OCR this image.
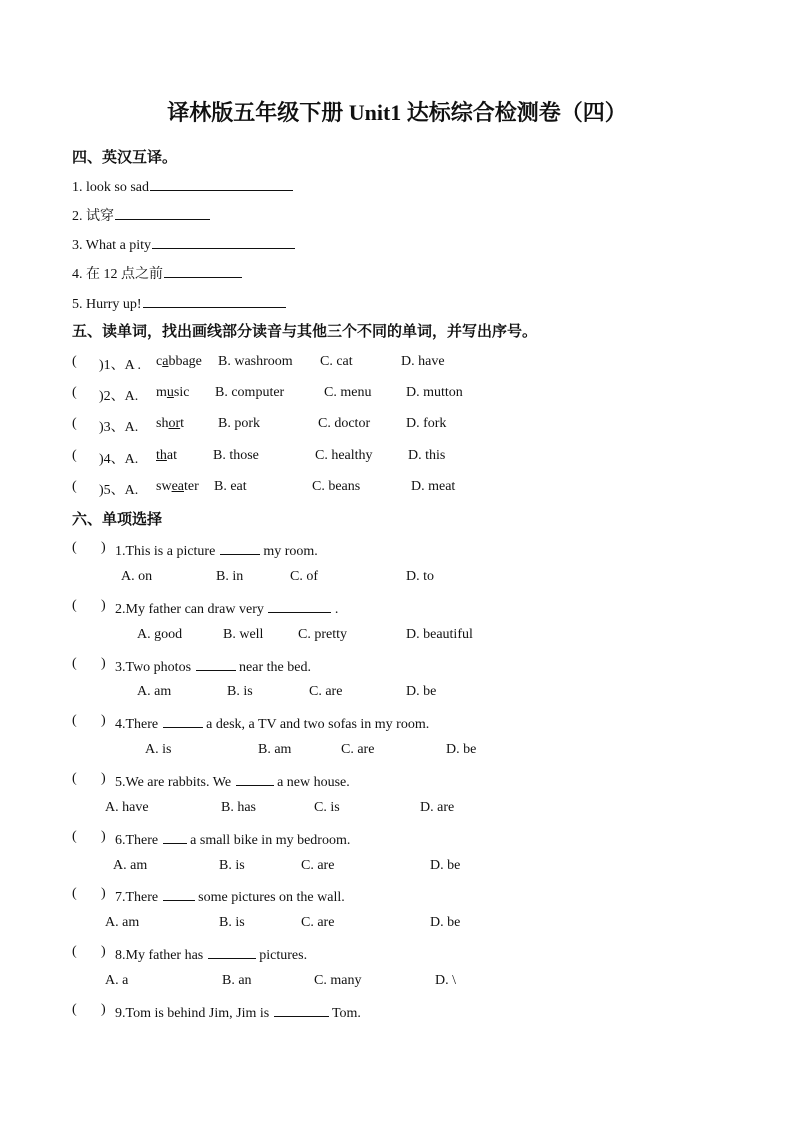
译林版五年级下册 Unit1 达标综合检测卷（四）
四、英汉互译。
1. look so sad
2. 试穿
3. What a pity
4. 在 12 点之前
5. Hurry up!
五、读单词，找出画线部分读音与其他三个不同的单词，并写出序号。
( )1、A . cabbage B. washroom C. cat	D. have
( )2、A. music B. computer	C. menu D. mutton
( )3、A. short B. pork	C. doctor	D. fork
( )4、A. that	B. those	C. healthy	D. this
( )5、A. sweater B. eat	C. beans	D. meat
六、单项选择
( ) 1.This is a picture	my room.
A. on	B. in	C. of	D. to
( ) 2.My father can draw very	.
A. good	B. well C. pretty	D. beautiful
( ) 3.Two photos	near the bed.
A. am	B. is	C. are	D. be
( ) 4.There	a desk, a TV and two sofas in my room.
A. is	B. am	C. are	D. be
( ) 5.We are rabbits. We	a new house.
A. have	B. has	C. is	D. are
( ) 6.There a small bike in my bedroom.
A. am	B. is	C. are	D. be
( ) 7.There	some pictures on the wall.
A. am	B. is	C. are	D. be
( ) 8.My father has	pictures.
A. a	B. an	C. many	D. \
( ) 9.Tom is behind Jim, Jim is	Tom.
